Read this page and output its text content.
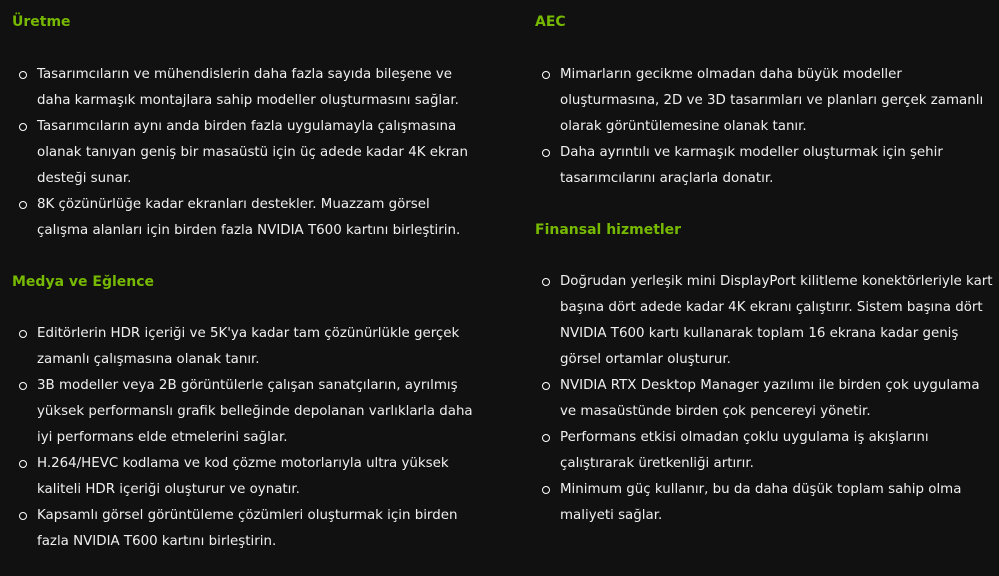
Üretme
Tasarımcıların ve mühendislerin daha fazla sayıda bileşene ve daha karmaşık montajlara sahip modeller oluşturmasını sağlar.
Tasarımcıların aynı anda birden fazla uygulamayla çalışmasına olanak tanıyan geniş bir masaüstü için üç adede kadar 4K ekran desteği sunar.
8K çözünürlüğe kadar ekranları destekler. Muazzam görsel çalışma alanları için birden fazla NVIDIA T600 kartını birleştirin.
Medya ve Eğlence
Editörlerin HDR içeriği ve 5K'ya kadar tam çözünürlükle gerçek zamanlı çalışmasına olanak tanır.
3B modeller veya 2B görüntülerle çalışan sanatçıların, ayrılmış yüksek performanslı grafik belleğinde depolanan varlıklarla daha iyi performans elde etmelerini sağlar.
H.264/HEVC kodlama ve kod çözme motorlarıyla ultra yüksek kaliteli HDR içeriği oluşturur ve oynatır.
Kapsamlı görsel görüntüleme çözümleri oluşturmak için birden fazla NVIDIA T600 kartını birleştirin.
AEC
Mimarların gecikme olmadan daha büyük modeller oluşturmasına, 2D ve 3D tasarımları ve planları gerçek zamanlı olarak görüntülemesine olanak tanır.
Daha ayrıntılı ve karmaşık modeller oluşturmak için şehir tasarımcılarını araçlarla donatır.
Finansal hizmetler
Doğrudan yerleşik mini DisplayPort kilitleme konektörleriyle kart başına dört adede kadar 4K ekranı çalıştırır. Sistem başına dört NVIDIA T600 kartı kullanarak toplam 16 ekrana kadar geniş görsel ortamlar oluşturur.
NVIDIA RTX Desktop Manager yazılımı ile birden çok uygulama ve masaüstünde birden çok pencereyi yönetir.
Performans etkisi olmadan çoklu uygulama iş akışlarını çalıştırarak üretkenliği artırır.
Minimum güç kullanır, bu da daha düşük toplam sahip olma maliyeti sağlar.
